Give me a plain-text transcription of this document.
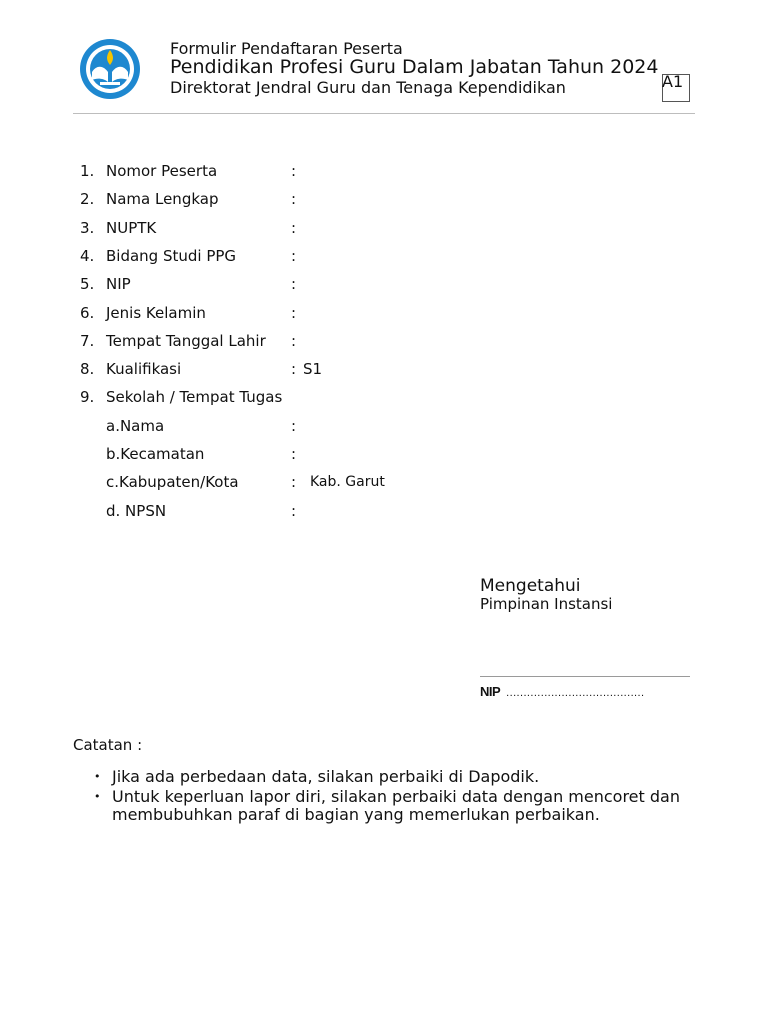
Formulir Pendaftaran Peserta
Pendidikan Profesi Guru Dalam Jabatan Tahun 2024
Direktorat Jendral Guru dan Tenaga Kependidikan	A1
1. Nomor Peserta	:
2. Nama Lengkap	:
3. NUPTK	:
4. Bidang Studi PPG	:
5. NIP	:
6. Jenis Kelamin	:
7. Tempat Tanggal Lahir :
8. Kualifikasi	: S1
9. Sekolah / Tempat Tugas
a.Nama	:
b.Kecamatan	:
c.Kabupaten/Kota	: Kab. Garut
d. NPSN	:
Mengetahui
Pimpinan Instansi
NIP ........................................
Catatan :
• Jika ada perbedaan data, silakan perbaiki di Dapodik.
• Untuk keperluan lapor diri, silakan perbaiki data dengan mencoret dan membubuhkan paraf di bagian yang memerlukan perbaikan.
